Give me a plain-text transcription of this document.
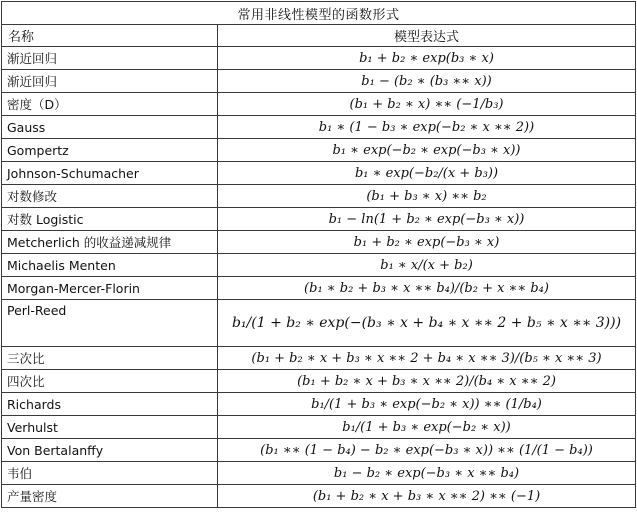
常用非线性模型的函数形式	
名称	模型表达式
渐近回归	b₁ + b₂ ∗ exp(b₃ ∗ x)
渐近回归	b₁ − (b₂ ∗ (b₃ ∗∗ x))
密度（D）	(b₁ + b₂ ∗ x) ∗∗ (−1/b₃)
Gauss	b₁ ∗ (1 − b₃ ∗ exp(−b₂ ∗ x ∗∗ 2))
Gompertz	b₁ ∗ exp(−b₂ ∗ exp(−b₃ ∗ x))
Johnson-Schumacher	b₁ ∗ exp(−b₂/(x + b₃))
对数修改	(b₁ + b₃ ∗ x) ∗∗ b₂
对数 Logistic	b₁ − ln(1 + b₂ ∗ exp(−b₃ ∗ x))
Metcherlich 的收益递减规律	b₁ + b₂ ∗ exp(−b₃ ∗ x)
Michaelis Menten	b₁ ∗ x/(x + b₂)
Morgan-Mercer-Florin	(b₁ ∗ b₂ + b₃ ∗ x ∗∗ b₄)/(b₂ + x ∗∗ b₄)
Perl-Reed	b₁/(1 + b₂ ∗ exp(−(b₃ ∗ x + b₄ ∗ x ∗∗ 2 + b₅ ∗ x ∗∗ 3)))
三次比	(b₁ + b₂ ∗ x + b₃ ∗ x ∗∗ 2 + b₄ ∗ x ∗∗ 3)/(b₅ ∗ x ∗∗ 3)
四次比	(b₁ + b₂ ∗ x + b₃ ∗ x ∗∗ 2)/(b₄ ∗ x ∗∗ 2)
Richards	b₁/(1 + b₃ ∗ exp(−b₂ ∗ x)) ∗∗ (1/b₄)
Verhulst	b₁/(1 + b₃ ∗ exp(−b₂ ∗ x))
Von Bertalanffy	(b₁ ∗∗ (1 − b₄) − b₂ ∗ exp(−b₃ ∗ x)) ∗∗ (1/(1 − b₄))
韦伯	b₁ − b₂ ∗ exp(−b₃ ∗ x ∗∗ b₄)
产量密度	(b₁ + b₂ ∗ x + b₃ ∗ x ∗∗ 2) ∗∗ (−1)
